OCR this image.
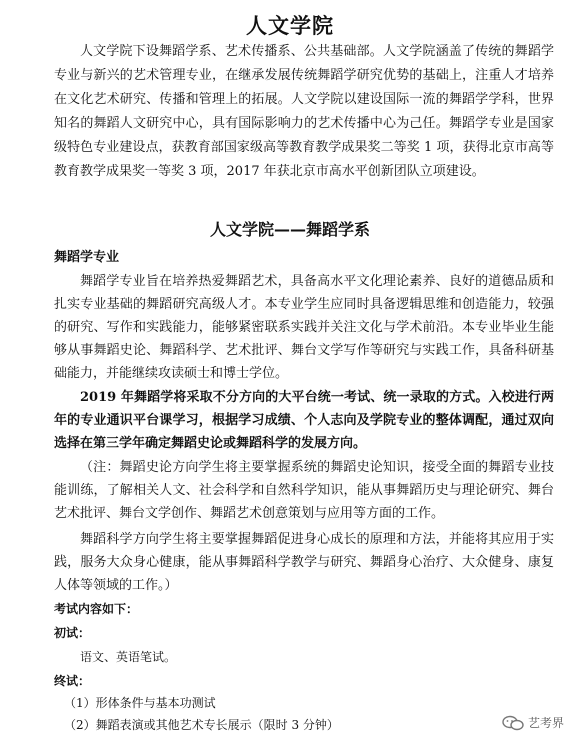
人文学院
人文学院下设舞蹈学系、艺术传播系、公共基础部。人文学院涵盖了传统的舞蹈学专业与新兴的艺术管理专业，在继承发展传统舞蹈学研究优势的基础上，注重人才培养在文化艺术研究、传播和管理上的拓展。人文学院以建设国际一流的舞蹈学学科，世界知名的舞蹈人文研究中心，具有国际影响力的艺术传播中心为己任。舞蹈学专业是国家级特色专业建设点，获教育部国家级高等教育教学成果奖二等奖 1 项，获得北京市高等教育教学成果奖一等奖 3 项，2017 年获北京市高水平创新团队立项建设。
人文学院——舞蹈学系
舞蹈学专业
舞蹈学专业旨在培养热爱舞蹈艺术，具备高水平文化理论素养、良好的道德品质和扎实专业基础的舞蹈研究高级人才。本专业学生应同时具备逻辑思维和创造能力，较强的研究、写作和实践能力，能够紧密联系实践并关注文化与学术前沿。本专业毕业生能够从事舞蹈史论、舞蹈科学、艺术批评、舞台文学写作等研究与实践工作，具备科研基础能力，并能继续攻读硕士和博士学位。
2019 年舞蹈学将采取不分方向的大平台统一考试、统一录取的方式。入校进行两年的专业通识平台课学习，根据学习成绩、个人志向及学院专业的整体调配，通过双向选择在第三学年确定舞蹈史论或舞蹈科学的发展方向。
（注：舞蹈史论方向学生将主要掌握系统的舞蹈史论知识，接受全面的舞蹈专业技能训练，了解相关人文、社会科学和自然科学知识，能从事舞蹈历史与理论研究、舞台艺术批评、舞台文学创作、舞蹈艺术创意策划与应用等方面的工作。
舞蹈科学方向学生将主要掌握舞蹈促进身心成长的原理和方法，并能将其应用于实践，服务大众身心健康，能从事舞蹈科学教学与研究、舞蹈身心治疗、大众健身、康复人体等领域的工作。）
考试内容如下：
初试：
语文、英语笔试。
终试：
（1）形体条件与基本功测试
（2）舞蹈表演或其他艺术专长展示（限时 3 分钟）	艺考界
